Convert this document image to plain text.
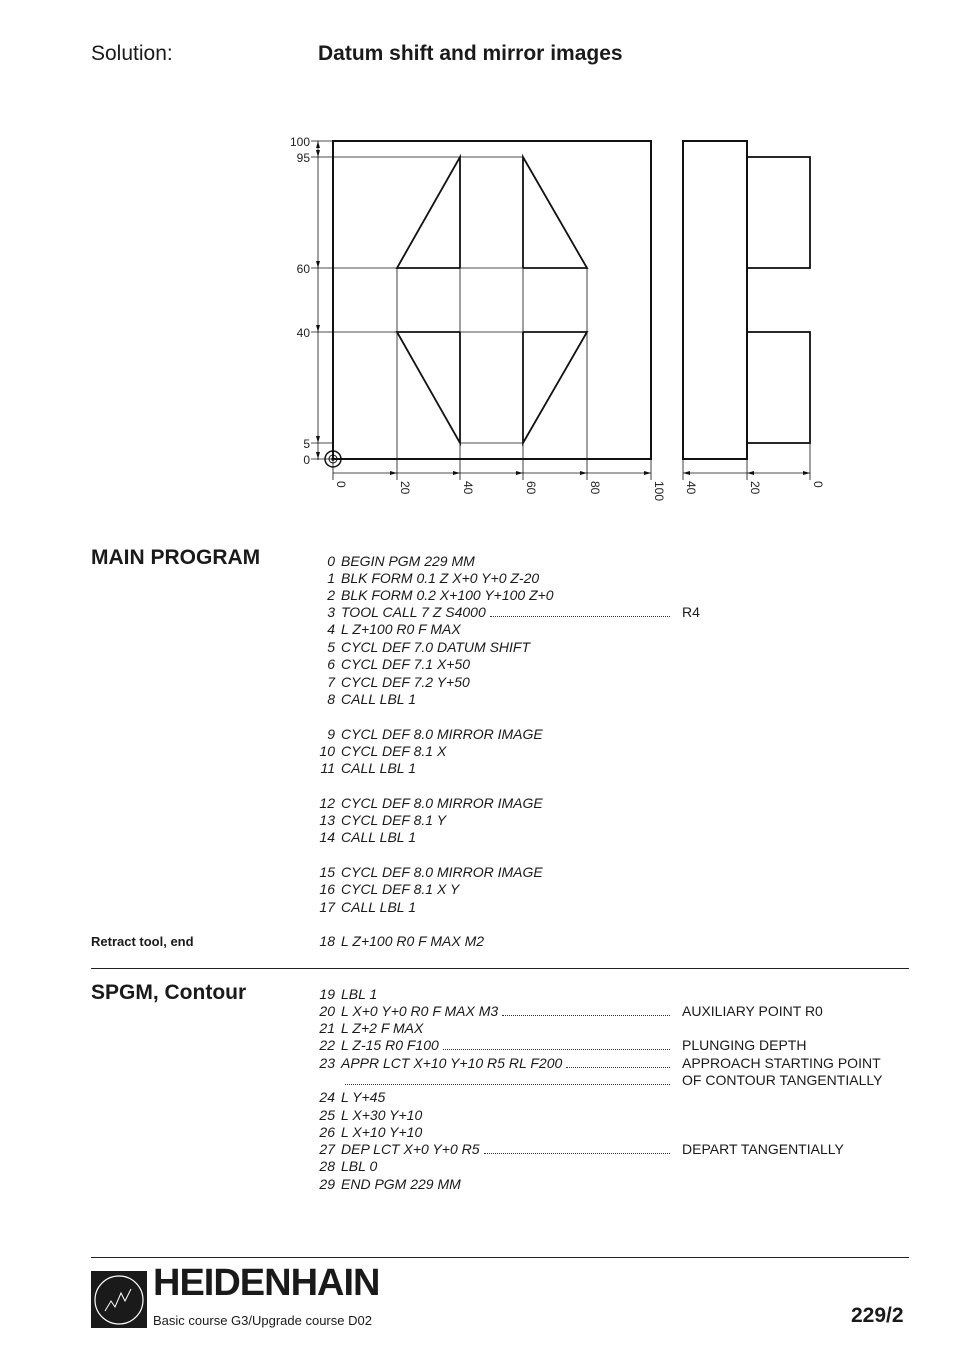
Solution:	Datum shift and mirror images
100
95
60
40
5
0
0	20	40	60	80	100 40	20	0
MAIN PROGRAM	0 BEGIN PGM 229 MM
1 BLK FORM 0.1 Z X+0 Y+0 Z-20
2 BLK FORM 0.2 X+100 Y+100 Z+0
3 TOOL CALL 7 Z S4000	R4
4 L Z+100 R0 F MAX
5 CYCL DEF 7.0 DATUM SHIFT
6 CYCL DEF 7.1 X+50
7 CYCL DEF 7.2 Y+50
8 CALL LBL 1
9 CYCL DEF 8.0 MIRROR IMAGE
10 CYCL DEF 8.1 X
11 CALL LBL 1
12 CYCL DEF 8.0 MIRROR IMAGE
13 CYCL DEF 8.1 Y
14 CALL LBL 1
15 CYCL DEF 8.0 MIRROR IMAGE
16 CYCL DEF 8.1 X Y
17 CALL LBL 1
18 L Z+100 R0 F MAX M2
Retract tool, end
SPGM, Contour	19 LBL 1
20 L X+0 Y+0 R0 F MAX M3	AUXILIARY POINT R0
21 L Z+2 F MAX
22 L Z-15 R0 F100	PLUNGING DEPTH
23 APPR LCT X+10 Y+10 R5 RL F200	APPROACH STARTING POINT
OF CONTOUR TANGENTIALLY
24 L Y+45
25 L X+30 Y+10
26 L X+10 Y+10
27 DEP LCT X+0 Y+0 R5	DEPART TANGENTIALLY
28 LBL 0
29 END PGM 229 MM
HEIDENHAIN
Basic course G3/Upgrade course D02	229/2
